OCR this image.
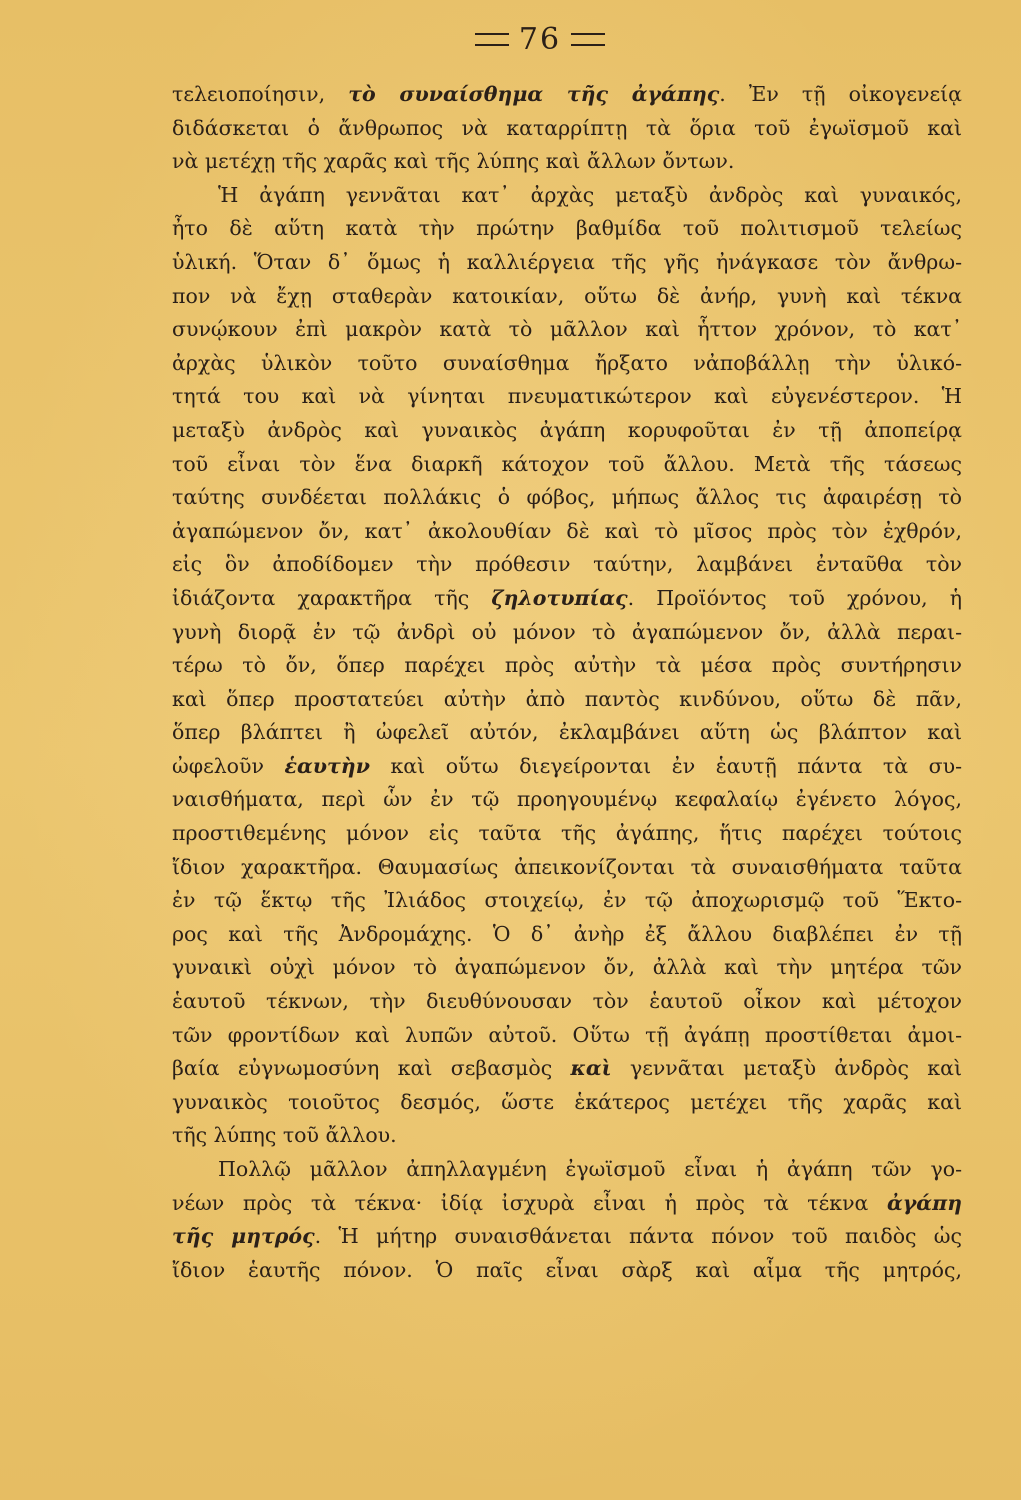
76
τελειοποίησιν, τὸ συναίσθημα τῆς ἀγάπης. Ἐν τῇ οἰκογενείᾳ
διδάσκεται ὁ ἄνθρωπος νὰ καταρρίπτῃ τὰ ὅρια τοῦ ἐγωϊσμοῦ καὶ
νὰ μετέχῃ τῆς χαρᾶς καὶ τῆς λύπης καὶ ἄλλων ὄντων.
Ἡ ἀγάπη γεννᾶται κατ᾽ ἀρχὰς μεταξὺ ἀνδρὸς καὶ γυναικός,
ἦτο δὲ αὕτη κατὰ τὴν πρώτην βαθμίδα τοῦ πολιτισμοῦ τελείως
ὑλική. Ὅταν δ᾽ ὅμως ἡ καλλιέργεια τῆς γῆς ἠνάγκασε τὸν ἄνθρω-
πον νὰ ἔχῃ σταθερὰν κατοικίαν, οὕτω δὲ ἀνήρ, γυνὴ καὶ τέκνα
συνῴκουν ἐπὶ μακρὸν κατὰ τὸ μᾶλλον καὶ ἧττον χρόνον, τὸ κατ᾽
ἀρχὰς ὑλικὸν τοῦτο συναίσθημα ἤρξατο νἀποβάλλῃ τὴν ὑλικό-
τητά του καὶ νὰ γίνηται πνευματικώτερον καὶ εὐγενέστερον. Ἡ
μεταξὺ ἀνδρὸς καὶ γυναικὸς ἀγάπη κορυφοῦται ἐν τῇ ἀποπείρᾳ
τοῦ εἶναι τὸν ἕνα διαρκῆ κάτοχον τοῦ ἄλλου. Μετὰ τῆς τάσεως
ταύτης συνδέεται πολλάκις ὁ φόβος, μήπως ἄλλος τις ἀφαιρέσῃ τὸ
ἀγαπώμενον ὄν, κατ᾽ ἀκολουθίαν δὲ καὶ τὸ μῖσος πρὸς τὸν ἐχθρόν,
εἰς ὃν ἀποδίδομεν τὴν πρόθεσιν ταύτην, λαμβάνει ἐνταῦθα τὸν
ἰδιάζοντα χαρακτῆρα τῆς ζηλοτυπίας. Προϊόντος τοῦ χρόνου, ἡ
γυνὴ διορᾷ ἐν τῷ ἀνδρὶ οὐ μόνον τὸ ἀγαπώμενον ὄν, ἀλλὰ περαι-
τέρω τὸ ὄν, ὅπερ παρέχει πρὸς αὐτὴν τὰ μέσα πρὸς συντήρησιν
καὶ ὅπερ προστατεύει αὐτὴν ἀπὸ παντὸς κινδύνου, οὕτω δὲ πᾶν,
ὅπερ βλάπτει ἢ ὠφελεῖ αὐτόν, ἐκλαμβάνει αὕτη ὡς βλάπτον καὶ
ὠφελοῦν ἑαυτὴν καὶ οὕτω διεγείρονται ἐν ἑαυτῇ πάντα τὰ συ-
ναισθήματα, περὶ ὧν ἐν τῷ προηγουμένῳ κεφαλαίῳ ἐγένετο λόγος,
προστιθεμένης μόνον εἰς ταῦτα τῆς ἀγάπης, ἥτις παρέχει τούτοις
ἴδιον χαρακτῆρα. Θαυμασίως ἀπεικονίζονται τὰ συναισθήματα ταῦτα
ἐν τῷ ἕκτῳ τῆς Ἰλιάδος στοιχείῳ, ἐν τῷ ἀποχωρισμῷ τοῦ Ἕκτο-
ρος καὶ τῆς Ἀνδρομάχης. Ὁ δ᾽ ἀνὴρ ἐξ ἄλλου διαβλέπει ἐν τῇ
γυναικὶ οὐχὶ μόνον τὸ ἀγαπώμενον ὄν, ἀλλὰ καὶ τὴν μητέρα τῶν
ἑαυτοῦ τέκνων, τὴν διευθύνουσαν τὸν ἑαυτοῦ οἶκον καὶ μέτοχον
τῶν φροντίδων καὶ λυπῶν αὐτοῦ. Οὕτω τῇ ἀγάπῃ προστίθεται ἀμοι-
βαία εὐγνωμοσύνη καὶ σεβασμὸς καὶ γεννᾶται μεταξὺ ἀνδρὸς καὶ
γυναικὸς τοιοῦτος δεσμός, ὥστε ἑκάτερος μετέχει τῆς χαρᾶς καὶ
τῆς λύπης τοῦ ἄλλου.
Πολλῷ μᾶλλον ἀπηλλαγμένη ἐγωϊσμοῦ εἶναι ἡ ἀγάπη τῶν γο-
νέων πρὸς τὰ τέκνα· ἰδίᾳ ἰσχυρὰ εἶναι ἡ πρὸς τὰ τέκνα ἀγάπη
τῆς μητρός. Ἡ μήτηρ συναισθάνεται πάντα πόνον τοῦ παιδὸς ὡς
ἴδιον ἑαυτῆς πόνον. Ὁ παῖς εἶναι σὰρξ καὶ αἷμα τῆς μητρός,
